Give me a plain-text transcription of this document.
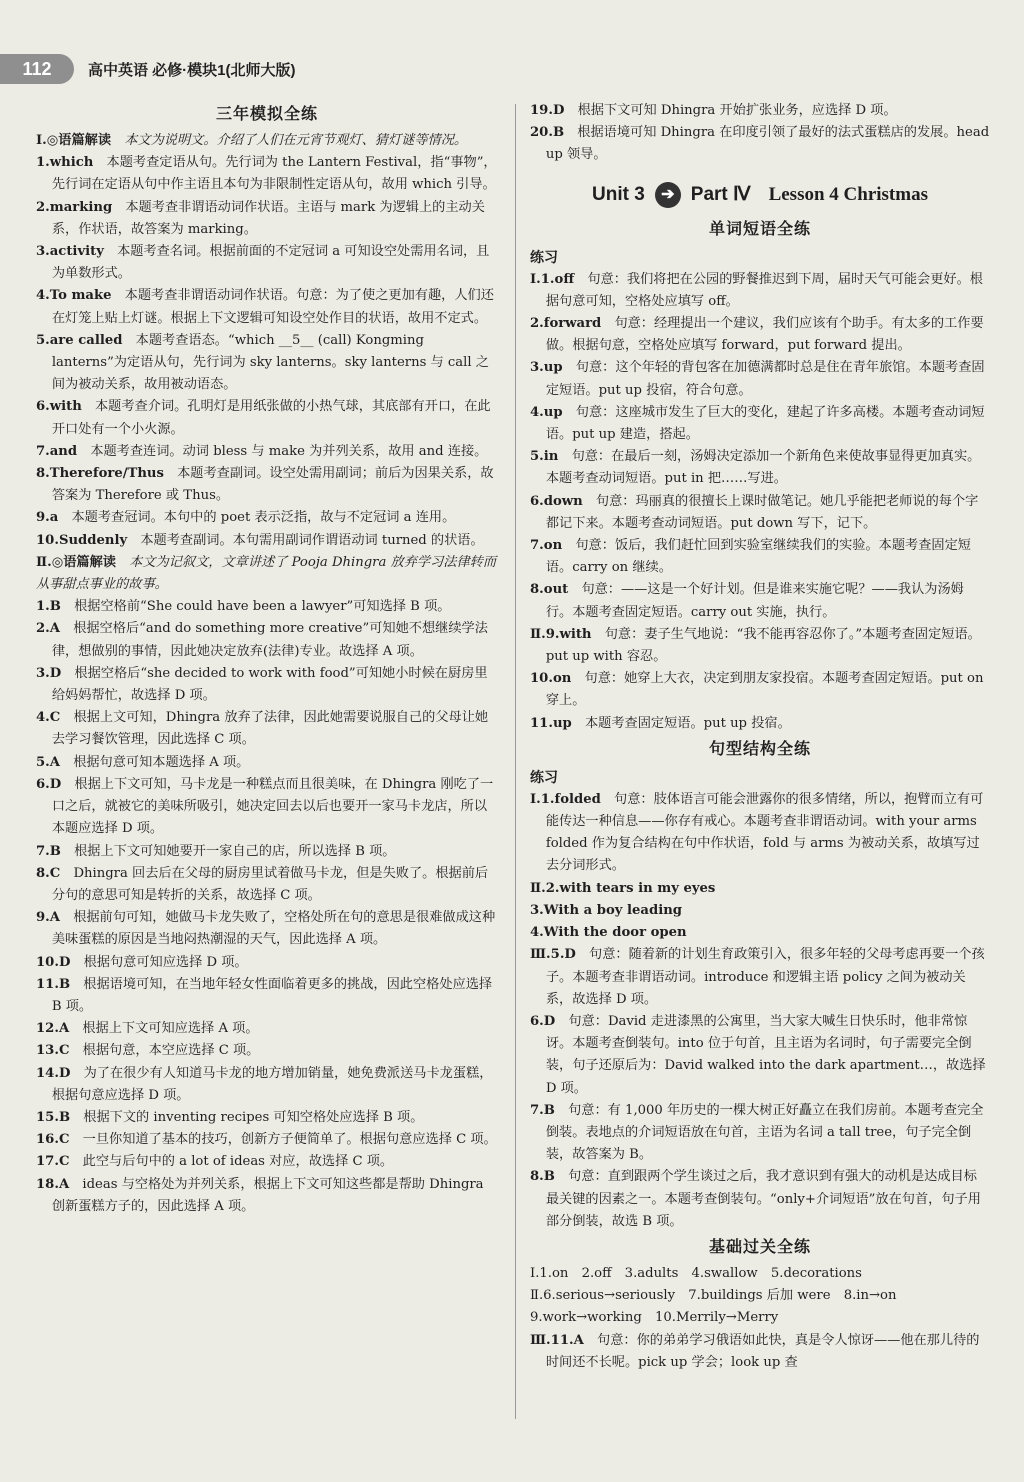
112	高中英语 必修·模块1(北师大版)
三年模拟全练

Ⅰ.◎语篇解读　 本文为说明文。介绍了人们在元宵节观灯、猜灯谜等情况。

1.which　 本题考查定语从句。先行词为 the Lantern Festival，指“事物”，先行词在定语从句中作主语且本句为非限制性定语从句，故用 which 引导。

2.marking　 本题考查非谓语动词作状语。主语与 mark 为逻辑上的主动关系，作状语，故答案为 marking。

3.activity　 本题考查名词。根据前面的不定冠词 a 可知设空处需用名词，且为单数形式。

4.To make　 本题考查非谓语动词作状语。句意：为了使之更加有趣，人们还在灯笼上贴上灯谜。根据上下文逻辑可知设空处作目的状语，故用不定式。

5.are called　 本题考查语态。“which __5__ (call) Kongming lanterns”为定语从句，先行词为 sky lanterns。sky lanterns 与 call 之间为被动关系，故用被动语态。

6.with　 本题考查介词。孔明灯是用纸张做的小热气球，其底部有开口，在此开口处有一个小火源。

7.and　 本题考查连词。动词 bless 与 make 为并列关系，故用 and 连接。

8.Therefore/Thus　 本题考查副词。设空处需用副词；前后为因果关系，故答案为 Therefore 或 Thus。

9.a　 本题考查冠词。本句中的 poet 表示泛指，故与不定冠词 a 连用。

10.Suddenly　 本题考查副词。本句需用副词作谓语动词 turned 的状语。

Ⅱ.◎语篇解读　 本文为记叙文，文章讲述了 Pooja Dhingra 放弃学习法律转而从事甜点事业的故事。

1.B　 根据空格前“She could have been a lawyer”可知选择 B 项。

2.A　 根据空格后“and do something more creative”可知她不想继续学法律，想做别的事情，因此她决定放弃(法律)专业。故选择 A 项。

3.D　 根据空格后“she decided to work with food”可知她小时候在厨房里给妈妈帮忙，故选择 D 项。

4.C　 根据上文可知，Dhingra 放弃了法律，因此她需要说服自己的父母让她去学习餐饮管理，因此选择 C 项。

5.A　 根据句意可知本题选择 A 项。

6.D　 根据上下文可知，马卡龙是一种糕点而且很美味，在 Dhingra 刚吃了一口之后，就被它的美味所吸引，她决定回去以后也要开一家马卡龙店，所以本题应选择 D 项。

7.B　 根据上下文可知她要开一家自己的店，所以选择 B 项。

8.C　 Dhingra 回去后在父母的厨房里试着做马卡龙，但是失败了。根据前后分句的意思可知是转折的关系，故选择 C 项。

9.A　 根据前句可知，她做马卡龙失败了，空格处所在句的意思是很难做成这种美味蛋糕的原因是当地闷热潮湿的天气，因此选择 A 项。

10.D　 根据句意可知应选择 D 项。

11.B　 根据语境可知，在当地年轻女性面临着更多的挑战，因此空格处应选择 B 项。

12.A　 根据上下文可知应选择 A 项。

13.C　 根据句意，本空应选择 C 项。

14.D　 为了在很少有人知道马卡龙的地方增加销量，她免费派送马卡龙蛋糕，根据句意应选择 D 项。

15.B　 根据下文的 inventing recipes 可知空格处应选择 B 项。

16.C　 一旦你知道了基本的技巧，创新方子便简单了。根据句意应选择 C 项。

17.C　 此空与后句中的 a lot of ideas 对应，故选择 C 项。

18.A　 ideas 与空格处为并列关系，根据上下文可知这些都是帮助 Dhingra 创新蛋糕方子的，因此选择 A 项。

19.D　 根据下文可知 Dhingra 开始扩张业务，应选择 D 项。

20.B　 根据语境可知 Dhingra 在印度引领了最好的法式蛋糕店的发展。head up 领导。

Unit 3	➔ Part Ⅳ Lesson 4 Christmas
单词短语全练
练习

Ⅰ.1.off　 句意：我们将把在公园的野餐推迟到下周，届时天气可能会更好。根据句意可知，空格处应填写 off。

2.forward　 句意：经理提出一个建议，我们应该有个助手。有太多的工作要做。根据句意，空格处应填写 forward，put forward 提出。

3.up　 句意：这个年轻的背包客在加德满都时总是住在青年旅馆。本题考查固定短语。put up 投宿，符合句意。

4.up　 句意：这座城市发生了巨大的变化，建起了许多高楼。本题考查动词短语。put up 建造，搭起。

5.in　 句意：在最后一刻，汤姆决定添加一个新角色来使故事显得更加真实。本题考查动词短语。put in 把……写进。

6.down　 句意：玛丽真的很擅长上课时做笔记。她几乎能把老师说的每个字都记下来。本题考查动词短语。put down 写下，记下。

7.on　 句意：饭后，我们赶忙回到实验室继续我们的实验。本题考查固定短语。carry on 继续。

8.out　 句意：——这是一个好计划。但是谁来实施它呢？——我认为汤姆行。本题考查固定短语。carry out 实施，执行。

Ⅱ.9.with　 句意：妻子生气地说：“我不能再容忍你了。”本题考查固定短语。put up with 容忍。

10.on　 句意：她穿上大衣，决定到朋友家投宿。本题考查固定短语。put on 穿上。

11.up　 本题考查固定短语。put up 投宿。

句型结构全练
练习

Ⅰ.1.folded　 句意：肢体语言可能会泄露你的很多情绪，所以，抱臂而立有可能传达一种信息——你存有戒心。本题考查非谓语动词。with your arms folded 作为复合结构在句中作状语，fold 与 arms 为被动关系，故填写过去分词形式。

Ⅱ.2.with tears in my eyes　

3.With a boy leading　

4.With the door open　

Ⅲ.5.D　 句意：随着新的计划生育政策引入，很多年轻的父母考虑再要一个孩子。本题考查非谓语动词。introduce 和逻辑主语 policy 之间为被动关系，故选择 D 项。

6.D　 句意：David 走进漆黑的公寓里，当大家大喊生日快乐时，他非常惊讶。本题考查倒装句。into 位于句首，且主语为名词时，句子需要完全倒装，句子还原后为：David walked into the dark apartment…，故选择 D 项。

7.B　 句意：有 1,000 年历史的一棵大树正好矗立在我们房前。本题考查完全倒装。表地点的介词短语放在句首，主语为名词 a tall tree，句子完全倒装，故答案为 B。

8.B　 句意：直到跟两个学生谈过之后，我才意识到有强大的动机是达成目标最关键的因素之一。本题考查倒装句。“only+介词短语”放在句首，句子用部分倒装，故选 B 项。

基础过关全练

Ⅰ.1.on　2.off　3.adults　4.swallow　5.decorations

Ⅱ.6.serious→seriously　7.buildings 后加 were　8.in→on

9.work→working　10.Merrily→Merry

Ⅲ.11.A　 句意：你的弟弟学习俄语如此快，真是令人惊讶——他在那儿待的时间还不长呢。pick up 学会；look up 查
